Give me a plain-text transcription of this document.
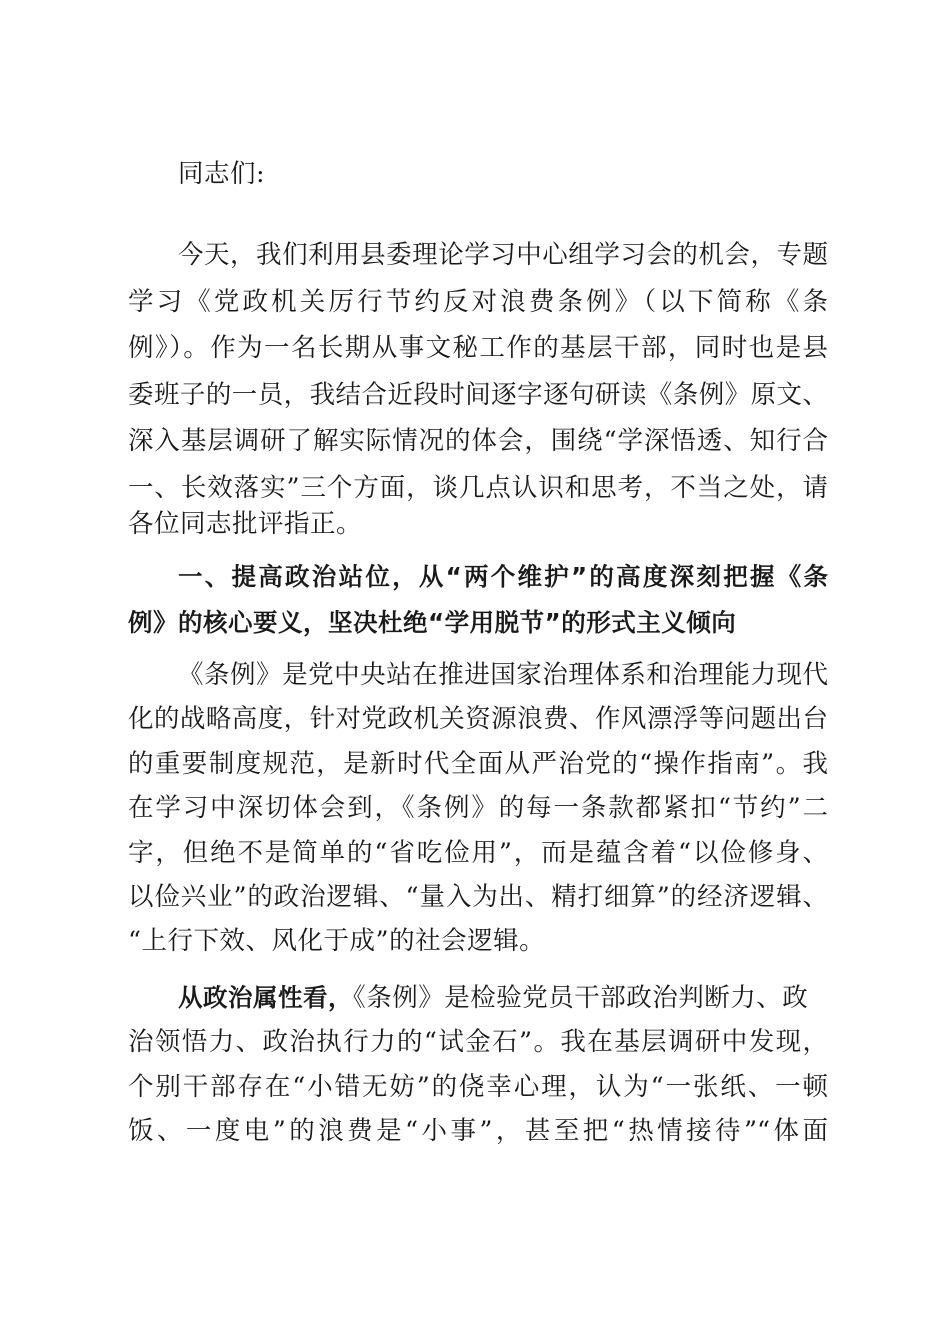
同志们:
今天，我们利用县委理论学习中心组学习会的机会，专题
学习《党政机关厉行节约反对浪费条例》（以下简称《条
例》）。作为一名长期从事文秘工作的基层干部，同时也是县
委班子的一员，我结合近段时间逐字逐句研读《条例》原文、
深入基层调研了解实际情况的体会，围绕“学深悟透、知行合
一、长效落实”三个方面，谈几点认识和思考，不当之处，请
各位同志批评指正。
一、提高政治站位，从“两个维护”的高度深刻把握《条
例》的核心要义，坚决杜绝“学用脱节”的形式主义倾向
《条例》是党中央站在推进国家治理体系和治理能力现代
化的战略高度，针对党政机关资源浪费、作风漂浮等问题出台
的重要制度规范，是新时代全面从严治党的“操作指南”。我
在学习中深切体会到，《条例》的每一条款都紧扣“节约”二
字，但绝不是简单的“省吃俭用”，而是蕴含着“以俭修身、
以俭兴业”的政治逻辑、“量入为出、精打细算”的经济逻辑、
“上行下效、风化于成”的社会逻辑。
从政治属性看，《条例》是检验党员干部政治判断力、政
治领悟力、政治执行力的“试金石”。我在基层调研中发现，
个别干部存在“小错无妨”的侥幸心理，认为“一张纸、一顿
饭、一度电”的浪费是“小事”，甚至把“热情接待”“体面
